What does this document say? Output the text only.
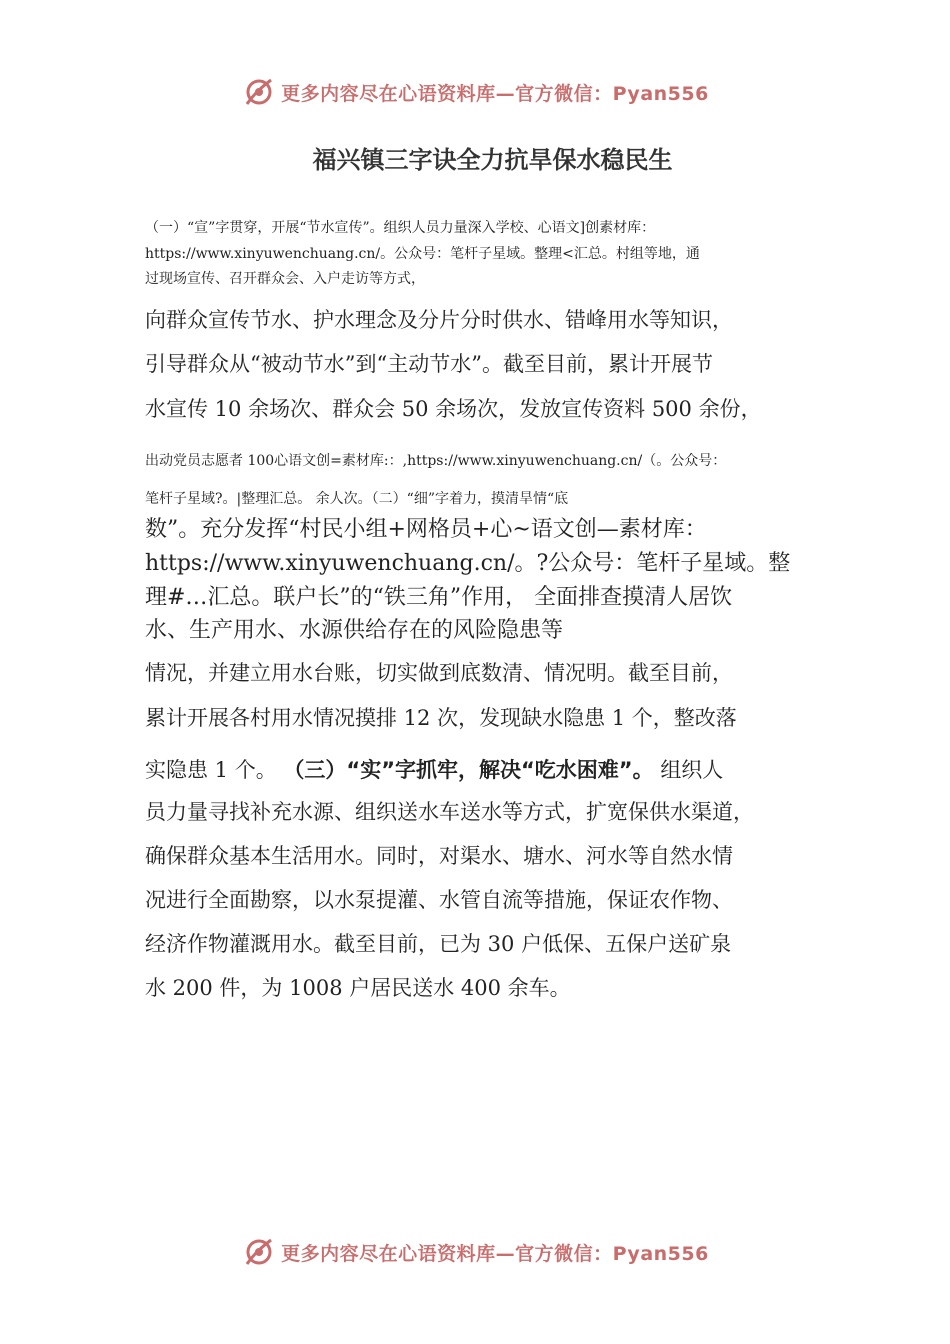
更多内容尽在心语资料库—官方微信：Pyan556
福兴镇三字诀全力抗旱保水稳民生
（一）“宣”字贯穿，开展“节水宣传”。组织人员力量深入学校、心语文]创素材库：
https://www.xinyuwenchuang.cn/。公众号：笔杆子星域。整理<汇总。村组等地，通
过现场宣传、召开群众会、入户走访等方式，
向群众宣传节水、护水理念及分片分时供水、错峰用水等知识，
引导群众从“被动节水”到“主动节水”。截至目前，累计开展节
水宣传 10 余场次、群众会 50 余场次，发放宣传资料 500 余份，
出动党员志愿者 100心语文创=素材库:：,https://www.xinyuwenchuang.cn/（。公众号：
笔杆子星域?。|整理汇总。 余人次。（二）“细”字着力，摸清旱情“底
数”。充分发挥“村民小组+网格员+心~语文创—素材库：
https://www.xinyuwenchuang.cn/。?公众号：笔杆子星域。整
理#…汇总。联户长”的“铁三角”作用， 全面排查摸清人居饮
水、生产用水、水源供给存在的风险隐患等
情况，并建立用水台账，切实做到底数清、情况明。截至目前，
累计开展各村用水情况摸排 12 次，发现缺水隐患 1 个，整改落
实隐患 1 个。 （三）“实”字抓牢，解决“吃水困难”。 组织人
员力量寻找补充水源、组织送水车送水等方式，扩宽保供水渠道，
确保群众基本生活用水。同时，对渠水、塘水、河水等自然水情
况进行全面勘察，以水泵提灌、水管自流等措施，保证农作物、
经济作物灌溉用水。截至目前，已为 30 户低保、五保户送矿泉
水 200 件，为 1008 户居民送水 400 余车。
更多内容尽在心语资料库—官方微信：Pyan556
